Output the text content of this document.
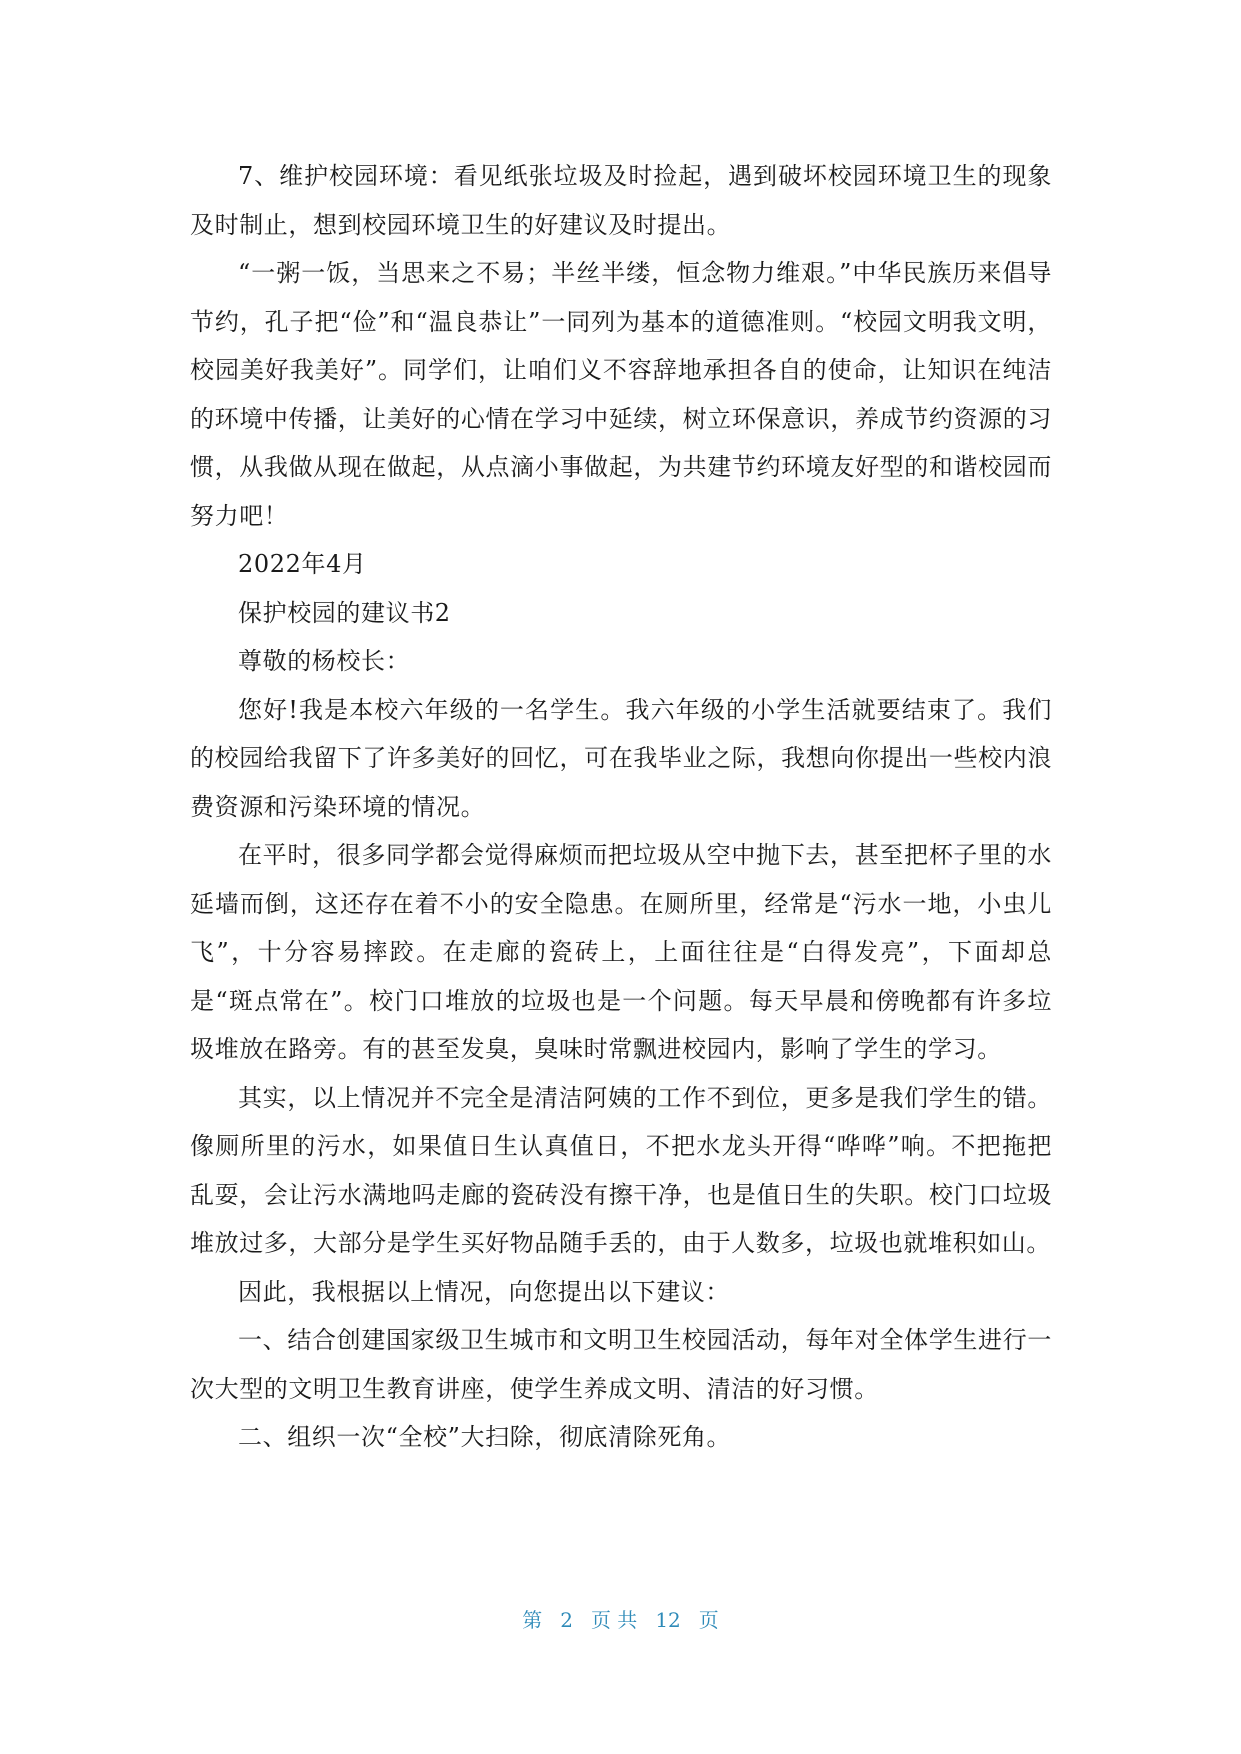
7、维护校园环境：看见纸张垃圾及时捡起，遇到破坏校园环境卫生的现象及时制止，想到校园环境卫生的好建议及时提出。

“一粥一饭，当思来之不易；半丝半缕，恒念物力维艰。”中华民族历来倡导节约，孔子把“俭”和“温良恭让”一同列为基本的道德准则。“校园文明我文明，校园美好我美好”。同学们，让咱们义不容辞地承担各自的使命，让知识在纯洁的环境中传播，让美好的心情在学习中延续，树立环保意识，养成节约资源的习惯，从我做从现在做起，从点滴小事做起，为共建节约环境友好型的和谐校园而努力吧！

2022年4月

保护校园的建议书2

尊敬的杨校长：

您好!我是本校六年级的一名学生。我六年级的小学生活就要结束了。我们的校园给我留下了许多美好的回忆，可在我毕业之际，我想向你提出一些校内浪费资源和污染环境的情况。

在平时，很多同学都会觉得麻烦而把垃圾从空中抛下去，甚至把杯子里的水延墙而倒，这还存在着不小的安全隐患。在厕所里，经常是“污水一地，小虫儿飞”，十分容易摔跤。在走廊的瓷砖上，上面往往是“白得发亮”，下面却总是“斑点常在”。校门口堆放的垃圾也是一个问题。每天早晨和傍晚都有许多垃圾堆放在路旁。有的甚至发臭，臭味时常飘进校园内，影响了学生的学习。

其实，以上情况并不完全是清洁阿姨的工作不到位，更多是我们学生的错。像厕所里的污水，如果值日生认真值日，不把水龙头开得“哗哗”响。不把拖把乱耍，会让污水满地吗走廊的瓷砖没有擦干净，也是值日生的失职。校门口垃圾堆放过多，大部分是学生买好物品随手丢的，由于人数多，垃圾也就堆积如山。

因此，我根据以上情况，向您提出以下建议：

一、结合创建国家级卫生城市和文明卫生校园活动，每年对全体学生进行一次大型的文明卫生教育讲座，使学生养成文明、清洁的好习惯。

二、组织一次“全校”大扫除，彻底清除死角。

第 2 页 共 12 页
